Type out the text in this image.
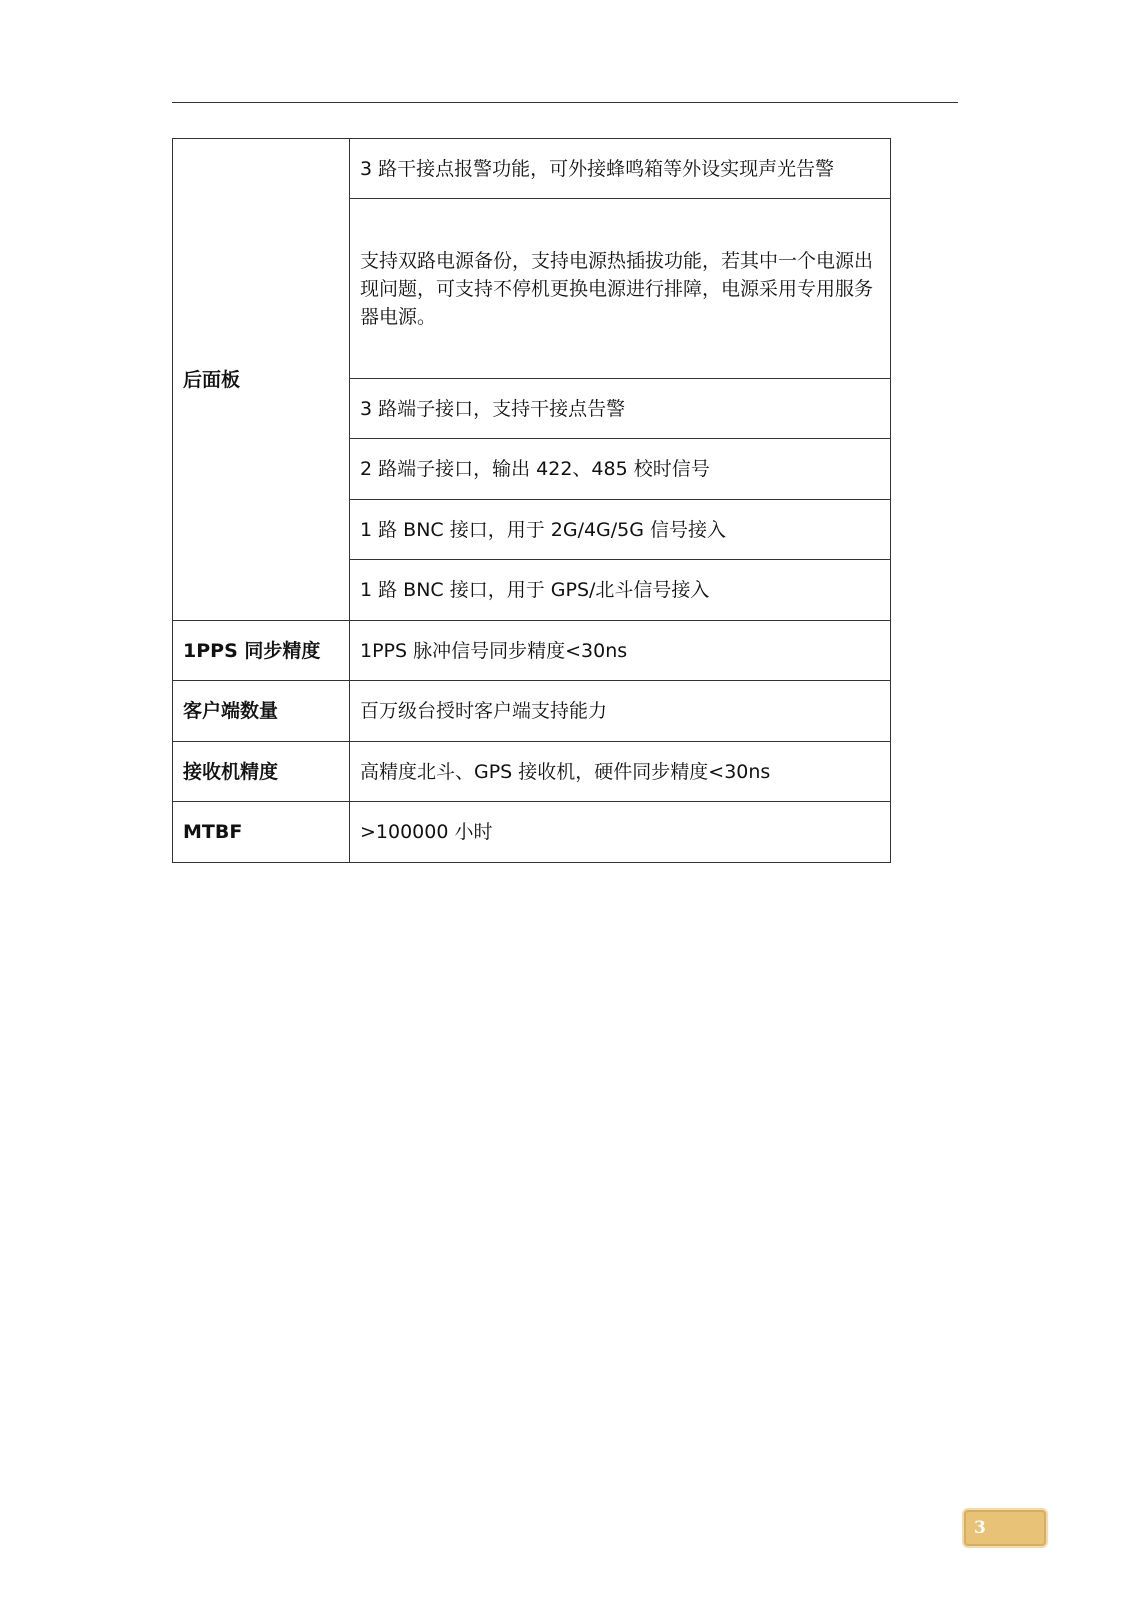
后面板	3 路干接点报警功能，可外接蜂鸣箱等外设实现声光告警
	支持双路电源备份，支持电源热插拔功能，若其中一个电源出现问题，可支持不停机更换电源进行排障，电源采用专用服务器电源。
	3 路端子接口，支持干接点告警
	2 路端子接口，输出 422、485 校时信号
	1 路 BNC 接口，用于 2G/4G/5G 信号接入
	1 路 BNC 接口，用于 GPS/北斗信号接入
1PPS 同步精度	1PPS 脉冲信号同步精度<30ns
客户端数量	百万级台授时客户端支持能力
接收机精度	高精度北斗、GPS 接收机，硬件同步精度<30ns
MTBF	>100000 小时
3
